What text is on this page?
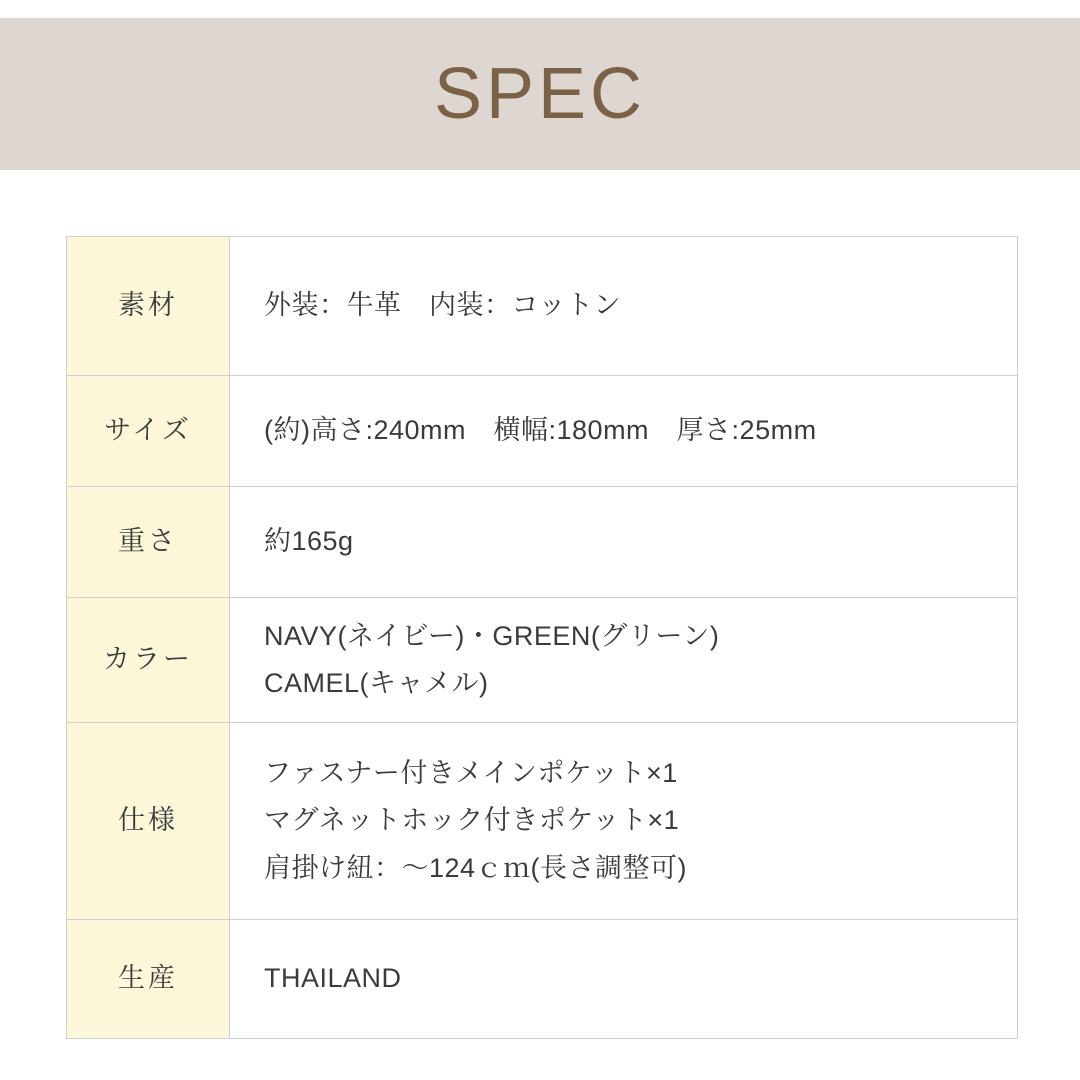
SPEC
素材	外装：牛革　内装：コットン

サイズ	(約)高さ:240mm　横幅:180mm　厚さ:25mm

重さ	約165g

カラー	NAVY(ネイビー)・GREEN(グリーン)
CAMEL(キャメル)

仕様	ファスナー付きメインポケット×1
マグネットホック付きポケット×1
肩掛け紐：〜124ｃｍ(長さ調整可)

生産	THAILAND
